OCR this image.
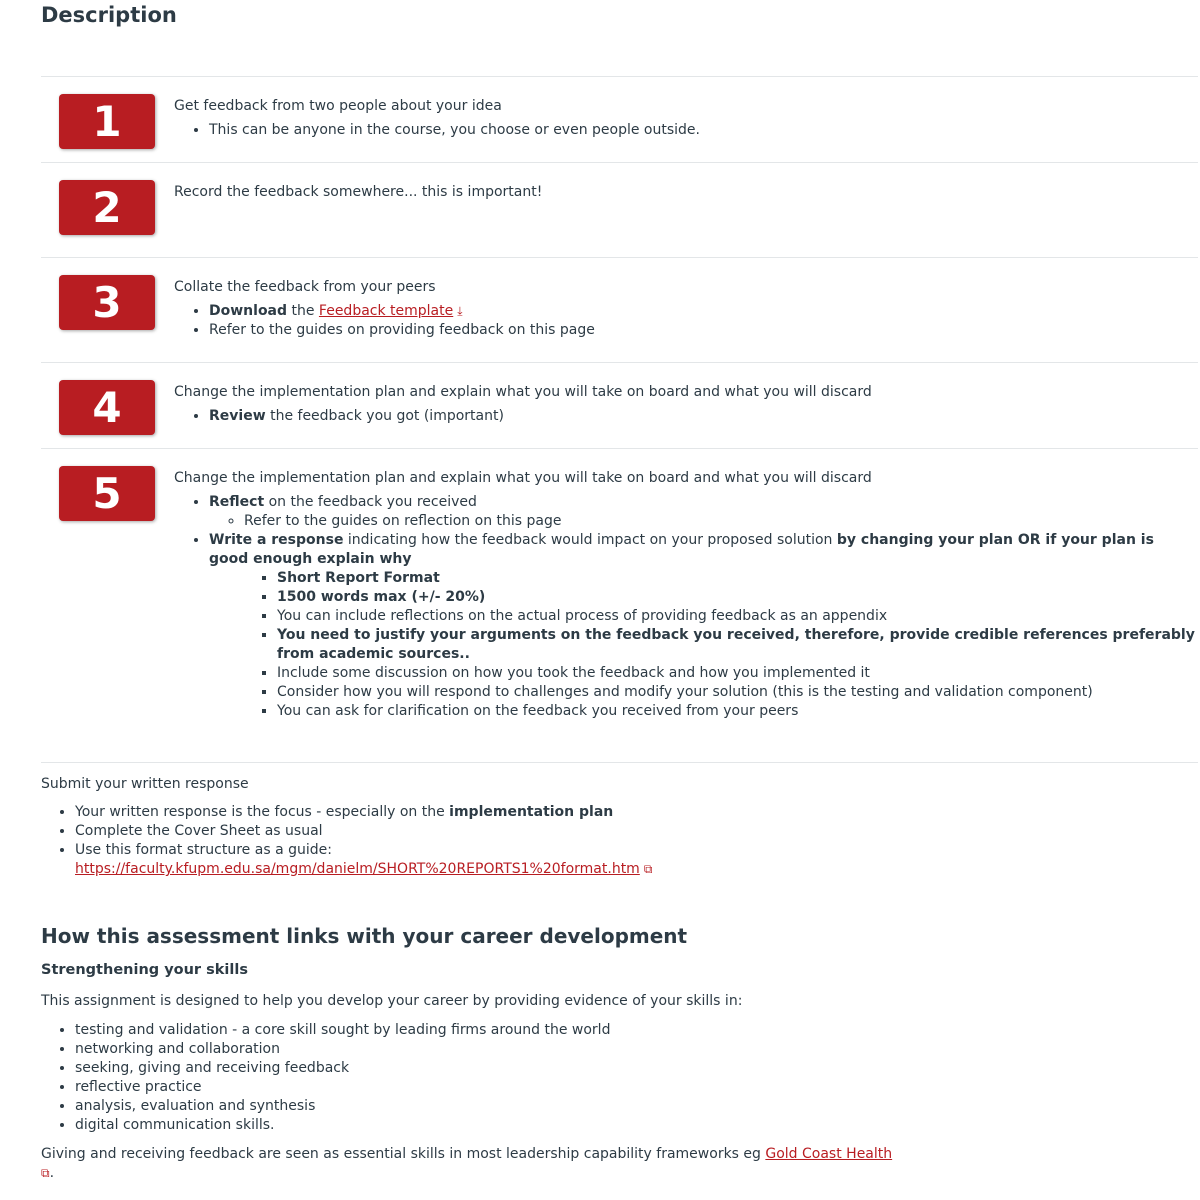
Description
1	Get feedback from two people about your idea

• This can be anyone in the course, you choose or even people outside.
2	Record the feedback somewhere... this is important!

3	Collate the feedback from your peers

• Download the Feedback template ⤓
• Refer to the guides on providing feedback on this page
4	Change the implementation plan and explain what you will take on board and what you will discard

• Review the feedback you got (important)
5	Change the implementation plan and explain what you will take on board and what you will discard

• Reflect on the feedback you received
◦ Refer to the guides on reflection on this page
• Write a response indicating how the feedback would impact on your proposed solution by changing your plan OR if your plan is good enough explain why
▪ Short Report Format
▪ 1500 words max (+/- 20%)
▪ You can include reflections on the actual process of providing feedback as an appendix
▪ You need to justify your arguments on the feedback you received, therefore, provide credible references preferably from academic sources..
▪ Include some discussion on how you took the feedback and how you implemented it
▪ Consider how you will respond to challenges and modify your solution (this is the testing and validation component)
▪ You can ask for clarification on the feedback you received from your peers

Submit your written response

• Your written response is the focus - especially on the implementation plan
• Complete the Cover Sheet as usual
• Use this format structure as a guide:
https://faculty.kfupm.edu.sa/mgm/danielm/SHORT%20REPORTS1%20format.htm ⧉
How this assessment links with your career development
Strengthening your skills

This assignment is designed to help you develop your career by providing evidence of your skills in:

• testing and validation - a core skill sought by leading firms around the world
• networking and collaboration
• seeking, giving and receiving feedback
• reflective practice
• analysis, evaluation and synthesis
• digital communication skills.

Giving and receiving feedback are seen as essential skills in most leadership capability frameworks eg Gold Coast Health
⧉.
